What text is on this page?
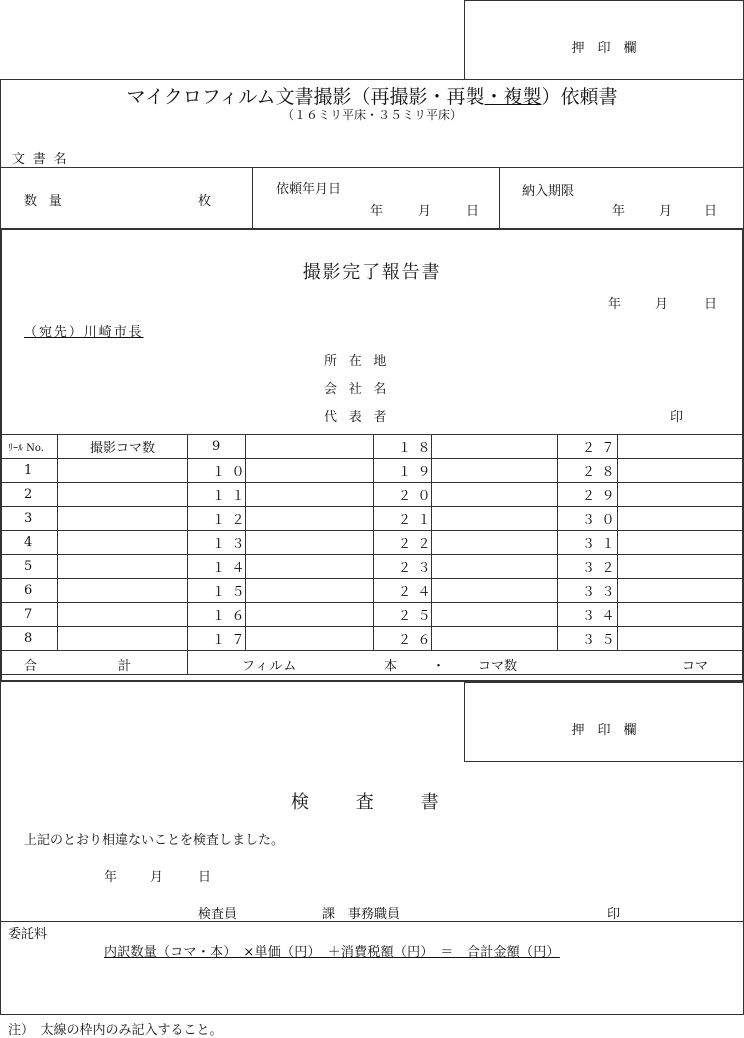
押　印　欄
マイクロフィルム文書撮影（再撮影・再製・複製）依頼書
（１６ミリ平床・３５ミリ平床）
文書名
数量	枚
依頼年月日
年	月	日
納入期限
年	月 日
撮影完了報告書
年	月	日
（宛先）川崎市長
所在地
会社名
代表者	印
ﾘｰﾙ No.	撮影コマ数	9		１８		２７	
1		１０		１９		２８	
2		１１		２０		２９	
3		１２		２１		３０	
4		１３		２２		３１	
5		１４		２３		３２	
6		１５		２４		３３	
7		１６		２５		３４	
8		１７		２６		３５	

合 計		フィルム 本 ・ コマ数 コマ					
押　印　欄
検　査　書
上記のとおり相違ないことを検査しました。
年	月	日
検査員	課　事務職員	印
委託料
内訳数量（コマ・本）　×単価（円）　＋消費税額（円）　＝　合計金額（円）
注）　太線の枠内のみ記入すること。
